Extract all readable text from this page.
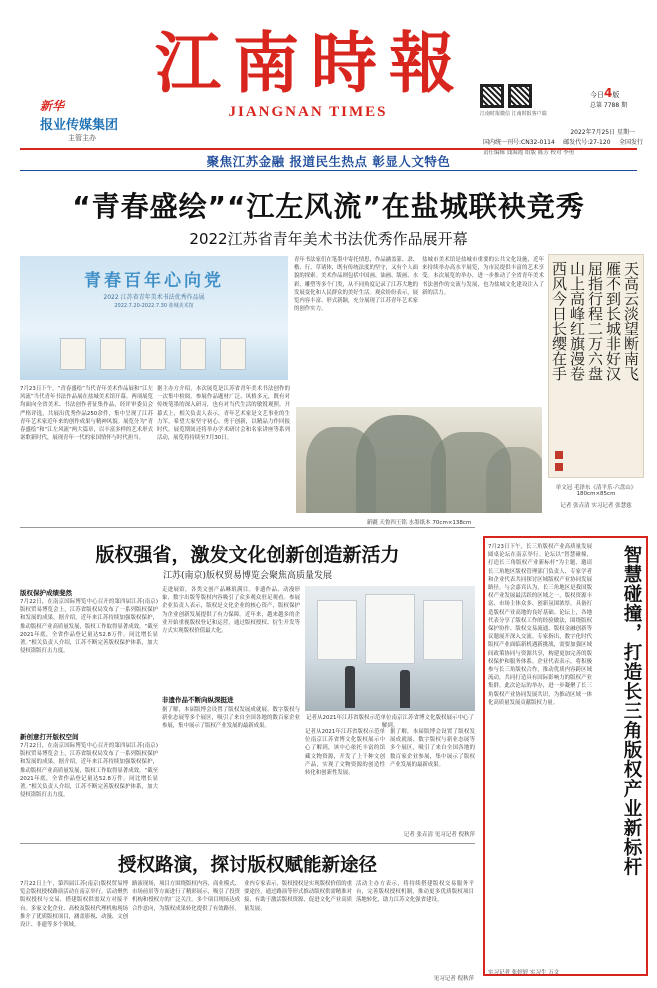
新华 报业传媒集团
主管主办
江 南 時 報
JIANGNAN TIMES	江南时报微信 江南时报客户端
今日4版
总第 7788 期
2022年7月25日 星期一
国内统一刊号:CN32-0114 邮发代号:27-120 全国发行
责任编辑 钱海霞 组版 陈芳 校对 李勇
聚焦江苏金融 报道民生热点 彰显人文特色
“青春盛绘”“江左风流”在盐城联袂竞秀
2022江苏省青年美术书法优秀作品展开幕
青春百年心向党
2022 江苏省青年美术书法优秀作品展
2022.7.20-2022.7.30 盐城美术馆	天高云淡望断南飞
雁不到长城非好汉
屈指行程二万六盘
山上高峰红旗漫卷
西风今日长缨在手
7月23日下午，“青春盛绘”当代青年美术作品展和“江左风流”当代青年书法作品展在盐城美术馆开幕。两项展览均面向全省美术、书法创作者征集作品，经评审委员会严格评选，共展出优秀作品250余件，集中呈现了江苏青年艺术家近年来的创作成果与精神风貌。展览分为“青春盛绘”和“江左风流”两大篇章，以丰富多样的艺术形式讴歌新时代，展现青年一代的家国情怀与时代担当。
据主办方介绍，本次展览是江苏省青年美术书法创作的一次集中检阅。参展作品题材广泛、风格多元，既有对传统笔墨的深入研习，也有对当代生活的敏锐观照。开幕式上，相关负责人表示，青年艺术家是文艺事业的生力军，希望大家坚守初心、勇于创新，以精品力作回报时代。展览期间还将举办学术研讨会和名家讲座等系列活动，展览将持续至7月30日。
青年书法家们在笔墨中寄托情思，作品涵盖篆、隶、楷、行、草诸体，既有传统法度的坚守，又有个人面貌的探索。美术作品则包括中国画、油画、版画、水彩、雕塑等多个门类，从不同角度记录了江苏大地的发展变化和人民群众的美好生活。观众纷纷表示，展览内容丰富、形式新颖，充分展现了江苏青年艺术家的创作实力。
盐城市美术馆是盐城市重要的公共文化设施，近年来持续举办高水平展览，为市民提供丰富的艺术享受。本次展览的举办，进一步推动了全省青年美术书法创作的交流与发展，也为盐城文化建设注入了新的活力。
新疆 天鲁四王铭 水墨纸本 70cm×138cm
单文冠 毛泽东《清平乐·六盘山》180cm×85cm
记者 张垚清 实习记者 张慧慈
版权强省，激发文化创新创造新活力
江苏(南京)版权贸易博览会聚焦高质量发展
版权保护成绩斐然
7月22日，在南京国际博览中心召开的第四届江苏(南京)版权贸易博览会上，江苏省版权局发布了一系列版权保护和发展的成果。据介绍，近年来江苏持续加强版权保护，推动版权产业高质量发展，版权工作取得显著成效。“截至2021年底，全省作品登记量达52.8万件，同比增长显著。”相关负责人介绍，江苏不断完善版权保护体系，加大侵权盗版打击力度。
非遗作品不断向纵深挺进
走进展馆，各类文创产品琳琅满目。非遗作品、动漫形象、数字出版等版权内容吸引了众多观众驻足观看。参展企业负责人表示，版权是文化企业的核心资产，版权保护为企业创新发展提供了有力保障。近年来，越来越多的企业开始重视版权登记和运营，通过版权授权、衍生开发等方式实现版权价值最大化。
据了解，本届版博会设置了版权发展成就展、数字版权与新业态展等多个展区，吸引了来自全国各地的数百家企业参展，集中展示了版权产业发展的最新成果。
新创意打开版权空间
7月22日，在南京国际博览中心召开的第四届江苏(南京)版权贸易博览会上，江苏省版权局发布了一系列版权保护和发展的成果。据介绍，近年来江苏持续加强版权保护，推动版权产业高质量发展，版权工作取得显著成效。“截至2021年底，全省作品登记量达52.8万件，同比增长显著。”相关负责人介绍，江苏不断完善版权保护体系，加大侵权盗版打击力度。
记者从2021年江苏省版权示范单位南京江苏省博文化版权展示中心了解到。
记者从2021年江苏省版权示范单位南京江苏省博文化版权展示中心了解到，该中心依托丰富的馆藏文物资源，开发了上千种文创产品，实现了文物资源的创造性转化和创新性发展。
据了解，本届版博会设置了版权发展成就展、数字版权与新业态展等多个展区，吸引了来自全国各地的数百家企业参展，集中展示了版权产业发展的最新成果。
记者 张垚清 见习记者 倪秋萍
授权路演，探讨版权赋能新途径
7月22日上午，第四届江苏(南京)版权贸易博览会版权授权路演活动在南京举行。活动聚焦版权授权与交易，搭建版权供需双方对接平台。多家文化企业、高校及版权代理机构现场推介了优质版权项目，涵盖影视、动漫、文创设计、非遗等多个领域。
路演现场，项目方围绕版权内容、商业模式、市场前景等方面进行了精彩展示，吸引了投资机构和授权方的广泛关注。多个项目现场达成合作意向，为版权成果转化提供了有效路径。
业内专家表示，版权授权是实现版权价值的重要途径，通过路演等形式推动版权供需精准对接，有助于激活版权资源，促进文化产业高质量发展。
活动主办方表示，将持续搭建版权交易服务平台，完善版权授权机制，推动更多优质版权项目落地转化，助力江苏文化强省建设。
见习记者 倪秋萍
智慧碰撞，打造长三角版权产业新标杆
7月23日下午，长三角版权产业高质量发展圆桌论坛在南京举行。论坛以“智慧碰撞，打造长三角版权产业新标杆”为主题，邀请长三角地区版权管理部门负责人、专家学者和企业代表共同探讨区域版权产业协同发展路径。与会嘉宾认为，长三角地区是我国版权产业发展最活跃的区域之一，版权资源丰富、市场主体众多、创新氛围浓厚，具备打造版权产业高地的良好基础。论坛上，各地代表分享了版权工作的经验做法，围绕版权保护协作、版权交易流通、版权金融创新等议题展开深入交流。专家指出，数字化时代版权产业面临新机遇新挑战，需要加强区域间政策协同与资源共享，构建更加完善的版权保护和服务体系。企业代表表示，将积极参与长三角版权合作，推动优质内容跨区域流动，共同打造具有国际影响力的版权产业集群。此次论坛的举办，进一步凝聚了长三角版权产业协同发展共识，为推动区域一体化高质量发展贡献版权力量。
实习记者 张婷婷 实习生 万文
